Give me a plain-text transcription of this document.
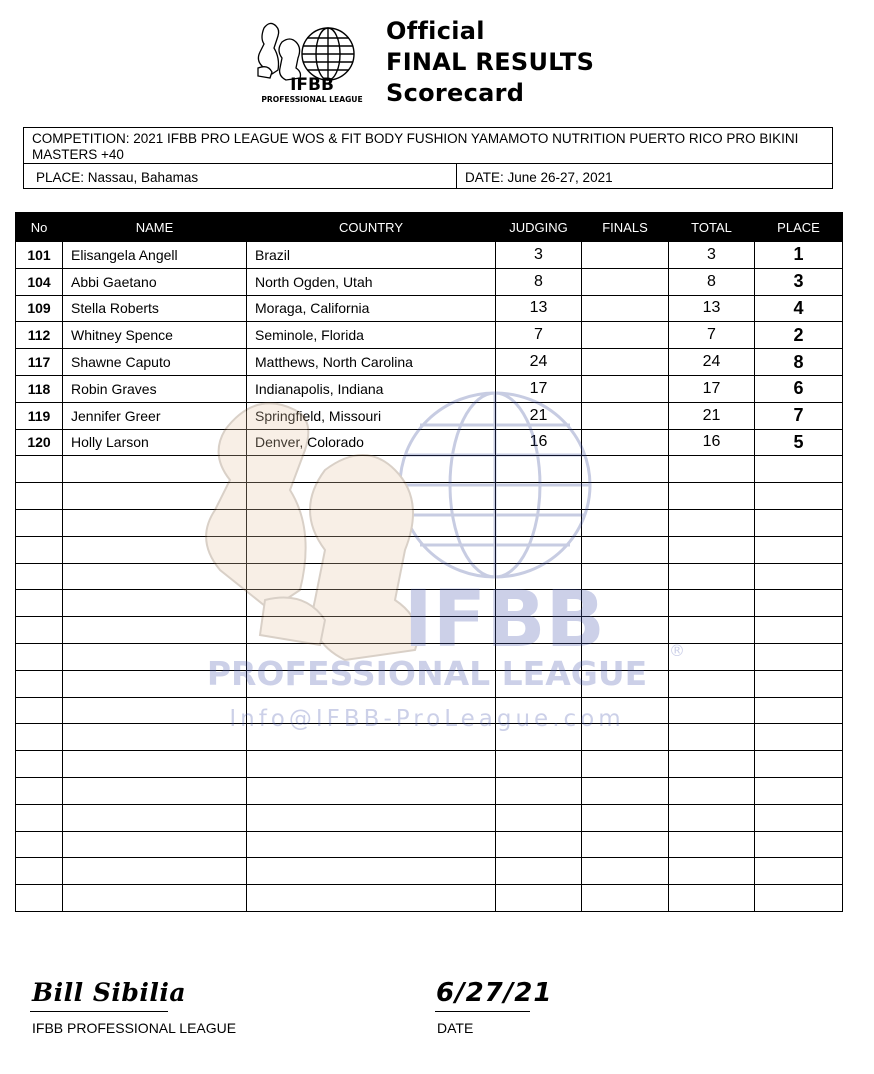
IFBB
PROFESSIONAL LEAGUE
Official
FINAL RESULTS
Scorecard
COMPETITION: 2021 IFBB PRO LEAGUE WOS & FIT BODY FUSHION YAMAMOTO NUTRITION PUERTO RICO PRO BIKINI MASTERS +40
PLACE: Nassau, Bahamas	DATE: June 26-27, 2021
No	NAME	COUNTRY	JUDGING	FINALS	TOTAL	PLACE
101	Elisangela Angell	Brazil	3		3	1
104	Abbi Gaetano	North Ogden, Utah	8		8	3
109	Stella Roberts	Moraga, California	13		13	4
112	Whitney Spence	Seminole, Florida	7		7	2
117	Shawne Caputo	Matthews, North Carolina	24		24	8
118	Robin Graves	Indianapolis, Indiana	17		17	6
119	Jennifer Greer	Springfield, Missouri	21		21	7
120	Holly Larson	Denver, Colorado	16		16	5

IFBB
PROFESSIONAL LEAGUE
Info@IFBB-ProLeague.com
®
Bill Sibilia
IFBB PROFESSIONAL LEAGUE
6/27/21
DATE
